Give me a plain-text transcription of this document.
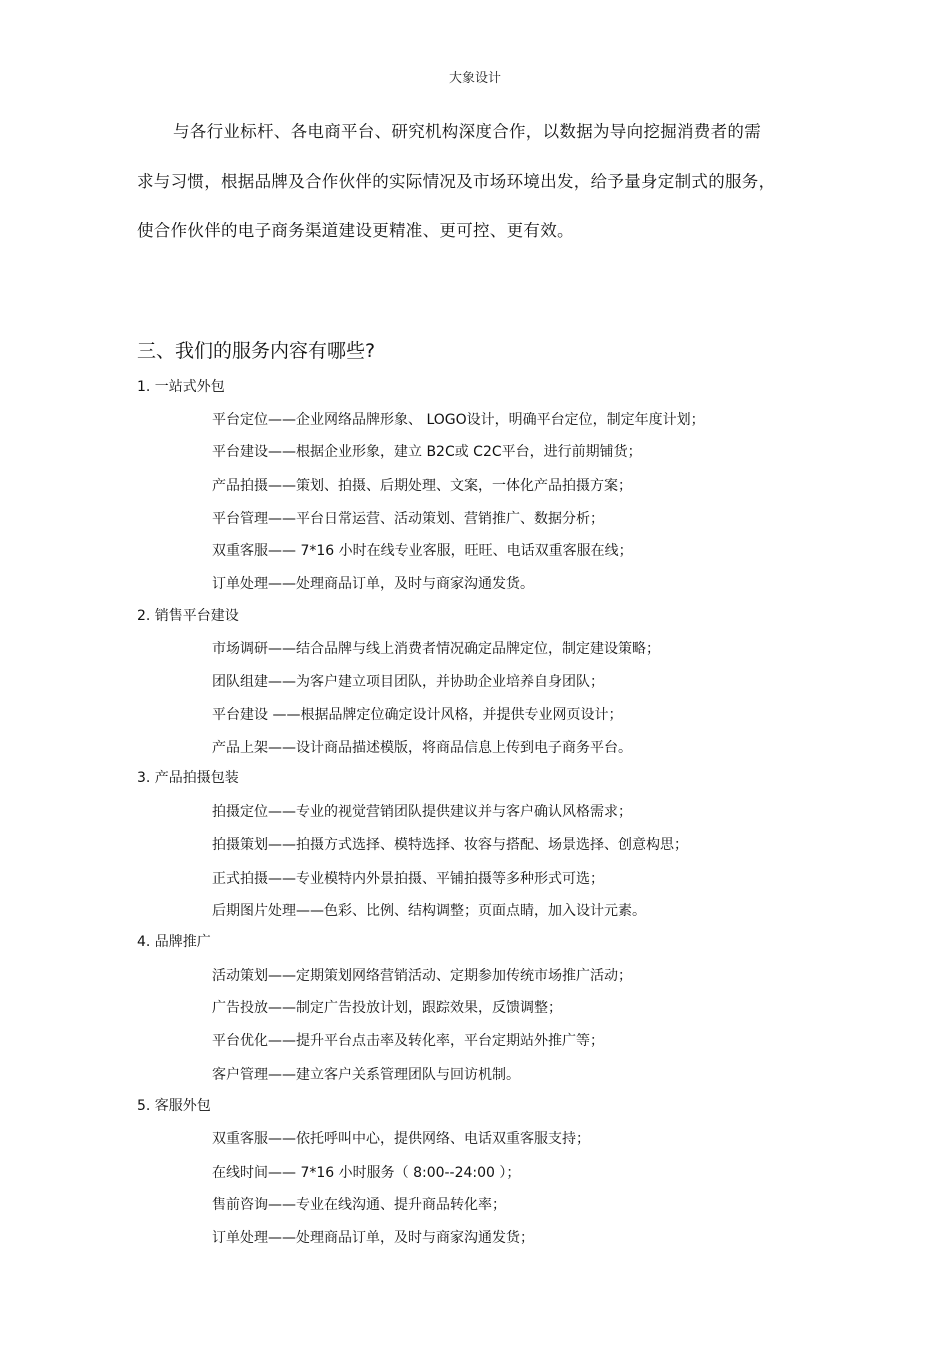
大象设计
与各行业标杆、各电商平台、研究机构深度合作，以数据为导向挖掘消费者的需
求与习惯，根据品牌及合作伙伴的实际情况及市场环境出发，给予量身定制式的服务，
使合作伙伴的电子商务渠道建设更精准、更可控、更有效。
三、我们的服务内容有哪些?
1. 一站式外包
平台定位——企业网络品牌形象、 LOGO设计，明确平台定位，制定年度计划；
平台建设——根据企业形象，建立 B2C或 C2C平台，进行前期铺货；
产品拍摄——策划、拍摄、后期处理、文案，一体化产品拍摄方案；
平台管理——平台日常运营、活动策划、营销推广、数据分析；
双重客服—— 7*16 小时在线专业客服，旺旺、电话双重客服在线；
订单处理——处理商品订单，及时与商家沟通发货。
2. 销售平台建设
市场调研——结合品牌与线上消费者情况确定品牌定位，制定建设策略；
团队组建——为客户建立项目团队，并协助企业培养自身团队；
平台建设 ——根据品牌定位确定设计风格，并提供专业网页设计；
产品上架——设计商品描述模版，将商品信息上传到电子商务平台。
3. 产品拍摄包装
拍摄定位——专业的视觉营销团队提供建议并与客户确认风格需求；
拍摄策划——拍摄方式选择、模特选择、妆容与搭配、场景选择、创意构思；
正式拍摄——专业模特内外景拍摄、平铺拍摄等多种形式可选；
后期图片处理——色彩、比例、结构调整；页面点睛，加入设计元素。
4. 品牌推广
活动策划——定期策划网络营销活动、定期参加传统市场推广活动；
广告投放——制定广告投放计划，跟踪效果，反馈调整；
平台优化——提升平台点击率及转化率，平台定期站外推广等；
客户管理——建立客户关系管理团队与回访机制。
5. 客服外包
双重客服——依托呼叫中心，提供网络、电话双重客服支持；
在线时间—— 7*16 小时服务（ 8:00--24:00 ）；
售前咨询——专业在线沟通、提升商品转化率；
订单处理——处理商品订单，及时与商家沟通发货；
